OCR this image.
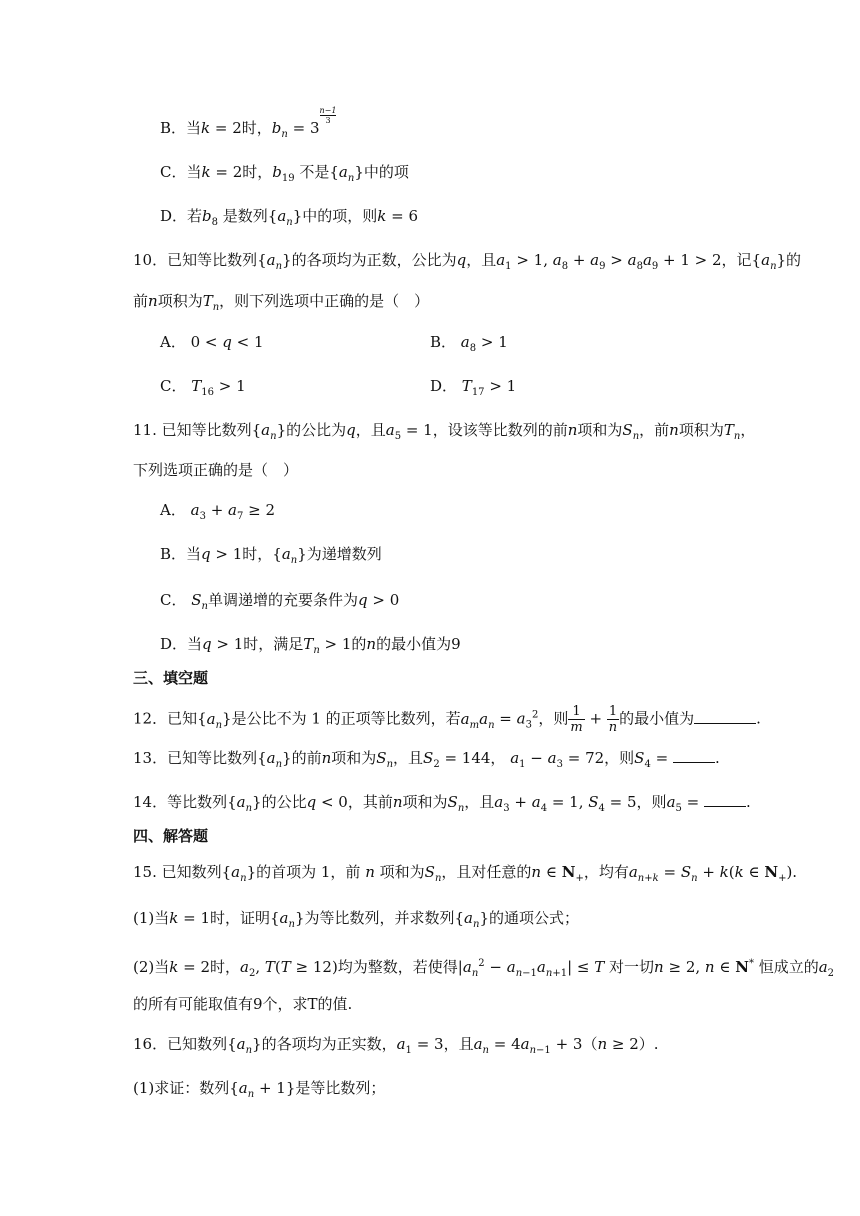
B．当k = 2时，$b_n = 3$
$\frac{n-1}{3}$
C．当k = 2时，$b_{19}$ 不是$\{a_n\}$中的项
D．若$b_8$ 是数列$\{a_n\}$中的项，则k = 6
10．已知等比数列$\{a_n\}$的各项均为正数，公比为q，且$a_1 > 1$, $a_8 + a_9 > a_8a_9 + 1 > 2$，记$\{a_n\}$的
前n项积为$T_n$，则下列选项中正确的是（　）
A． 0 < q < 1	B． $a_8 > 1$
C． $T_{16} > 1$	D． $T_{17} > 1$
11. 已知等比数列$\{a_n\}$的公比为q，且$a_5 = 1$，设该等比数列的前n项和为$S_n$，前n项积为$T_n$，
下列选项正确的是（　）
A． $a_3 + a_7 \ge 2$
B．当q > 1时，$\{a_n\}$为递增数列
C． $S_n$单调递增的充要条件为q > 0
D．当q > 1时，满足$T_n > 1$的n的最小值为9
三、填空题
12．已知$\{a_n\}$是公比不为 1 的正项等比数列，若$a_ma_n = a_3^2$，则 $\frac{1}{m} + \frac{1}{n}$ 的最小值为	.
13．已知等比数列$\{a_n\}$的前n项和为$S_n$，且$S_2 = 144$， $a_1 - a_3 = 72$，则$S_4$ =	.
14．等比数列$\{a_n\}$的公比q < 0，其前n项和为$S_n$，且$a_3 + a_4 = 1$, $S_4 = 5$，则$a_5$ =	.
四、解答题
15. 已知数列$\{a_n\}$的首项为 1，前 n 项和为$S_n$，且对任意的n ∈ $N_+$，均有$a_{n+k} = S_n + k(k$ ∈ $N_+$).
(1)当k = 1时，证明$\{a_n\}$为等比数列，并求数列$\{a_n\}$的通项公式；
(2)当k = 2时，$a_2$, T(T ≥ 12)均为整数，若使得$|a_n^2 - a_{n-1}a_{n+1}| \le T$ 对一切n ≥ 2, n ∈ N* 恒成立的$a_2$
的所有可能取值有9个，求T的值.
16．已知数列$\{a_n\}$的各项均为正实数，$a_1 = 3$，且$a_n = 4a_{n-1} + 3(n \ge 2)$.
(1)求证：数列$\{a_n + 1\}$是等比数列；
